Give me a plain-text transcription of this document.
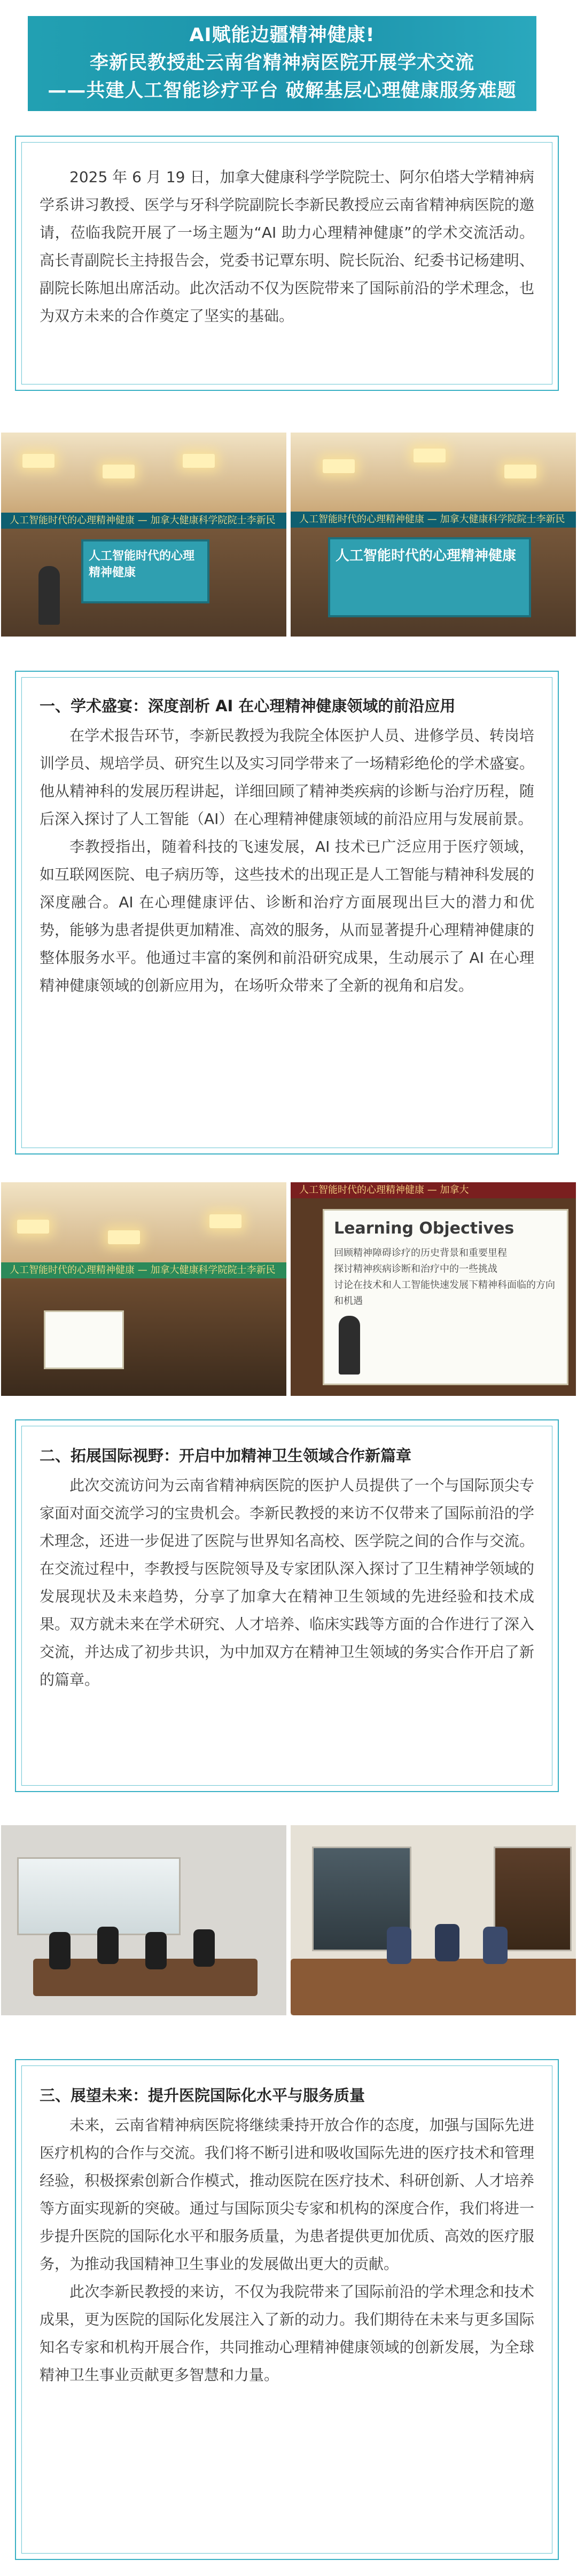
AI赋能边疆精神健康!
李新民教授赴云南省精神病医院开展学术交流
——共建人工智能诊疗平台 破解基层心理健康服务难题

2025 年 6 月 19 日，加拿大健康科学学院院士、阿尔伯塔大学精神病学系讲习教授、医学与牙科学院副院长李新民教授应云南省精神病医院的邀请，莅临我院开展了一场主题为“AI 助力心理精神健康”的学术交流活动。高长青副院长主持报告会，党委书记覃东明、院长阮治、纪委书记杨建明、副院长陈旭出席活动。此次活动不仅为医院带来了国际前沿的学术理念，也为双方未来的合作奠定了坚实的基础。

人工智能时代的心理精神健康 — 加拿大健康科学院院士李新民
人工智能时代的心理精神健康
人工智能时代的心理精神健康 — 加拿大健康科学院院士李新民
人工智能时代的心理精神健康

一、学术盛宴：深度剖析 AI 在心理精神健康领域的前沿应用

在学术报告环节，李新民教授为我院全体医护人员、进修学员、转岗培训学员、规培学员、研究生以及实习同学带来了一场精彩绝伦的学术盛宴。他从精神科的发展历程讲起，详细回顾了精神类疾病的诊断与治疗历程，随后深入探讨了人工智能（AI）在心理精神健康领域的前沿应用与发展前景。

李教授指出，随着科技的飞速发展，AI 技术已广泛应用于医疗领域，如互联网医院、电子病历等，这些技术的出现正是人工智能与精神科发展的深度融合。AI 在心理健康评估、诊断和治疗方面展现出巨大的潜力和优势，能够为患者提供更加精准、高效的服务，从而显著提升心理精神健康的整体服务水平。他通过丰富的案例和前沿研究成果，生动展示了 AI 在心理精神健康领域的创新应用为，在场听众带来了全新的视角和启发。

人工智能时代的心理精神健康 — 加拿大健康科学院院士李新民
人工智能时代的心理精神健康 — 加拿大
Learning Objectives
回顾精神障碍诊疗的历史背景和重要里程
探讨精神疾病诊断和治疗中的一些挑战
讨论在技术和人工智能快速发展下精神科面临的方向和机遇

二、拓展国际视野：开启中加精神卫生领域合作新篇章

此次交流访问为云南省精神病医院的医护人员提供了一个与国际顶尖专家面对面交流学习的宝贵机会。李新民教授的来访不仅带来了国际前沿的学术理念，还进一步促进了医院与世界知名高校、医学院之间的合作与交流。在交流过程中，李教授与医院领导及专家团队深入探讨了卫生精神学领域的发展现状及未来趋势，分享了加拿大在精神卫生领域的先进经验和技术成果。双方就未来在学术研究、人才培养、临床实践等方面的合作进行了深入交流，并达成了初步共识，为中加双方在精神卫生领域的务实合作开启了新的篇章。

三、展望未来：提升医院国际化水平与服务质量

未来，云南省精神病医院将继续秉持开放合作的态度，加强与国际先进医疗机构的合作与交流。我们将不断引进和吸收国际先进的医疗技术和管理经验，积极探索创新合作模式，推动医院在医疗技术、科研创新、人才培养等方面实现新的突破。通过与国际顶尖专家和机构的深度合作，我们将进一步提升医院的国际化水平和服务质量，为患者提供更加优质、高效的医疗服务，为推动我国精神卫生事业的发展做出更大的贡献。

此次李新民教授的来访，不仅为我院带来了国际前沿的学术理念和技术成果，更为医院的国际化发展注入了新的动力。我们期待在未来与更多国际知名专家和机构开展合作，共同推动心理精神健康领域的创新发展，为全球精神卫生事业贡献更多智慧和力量。
